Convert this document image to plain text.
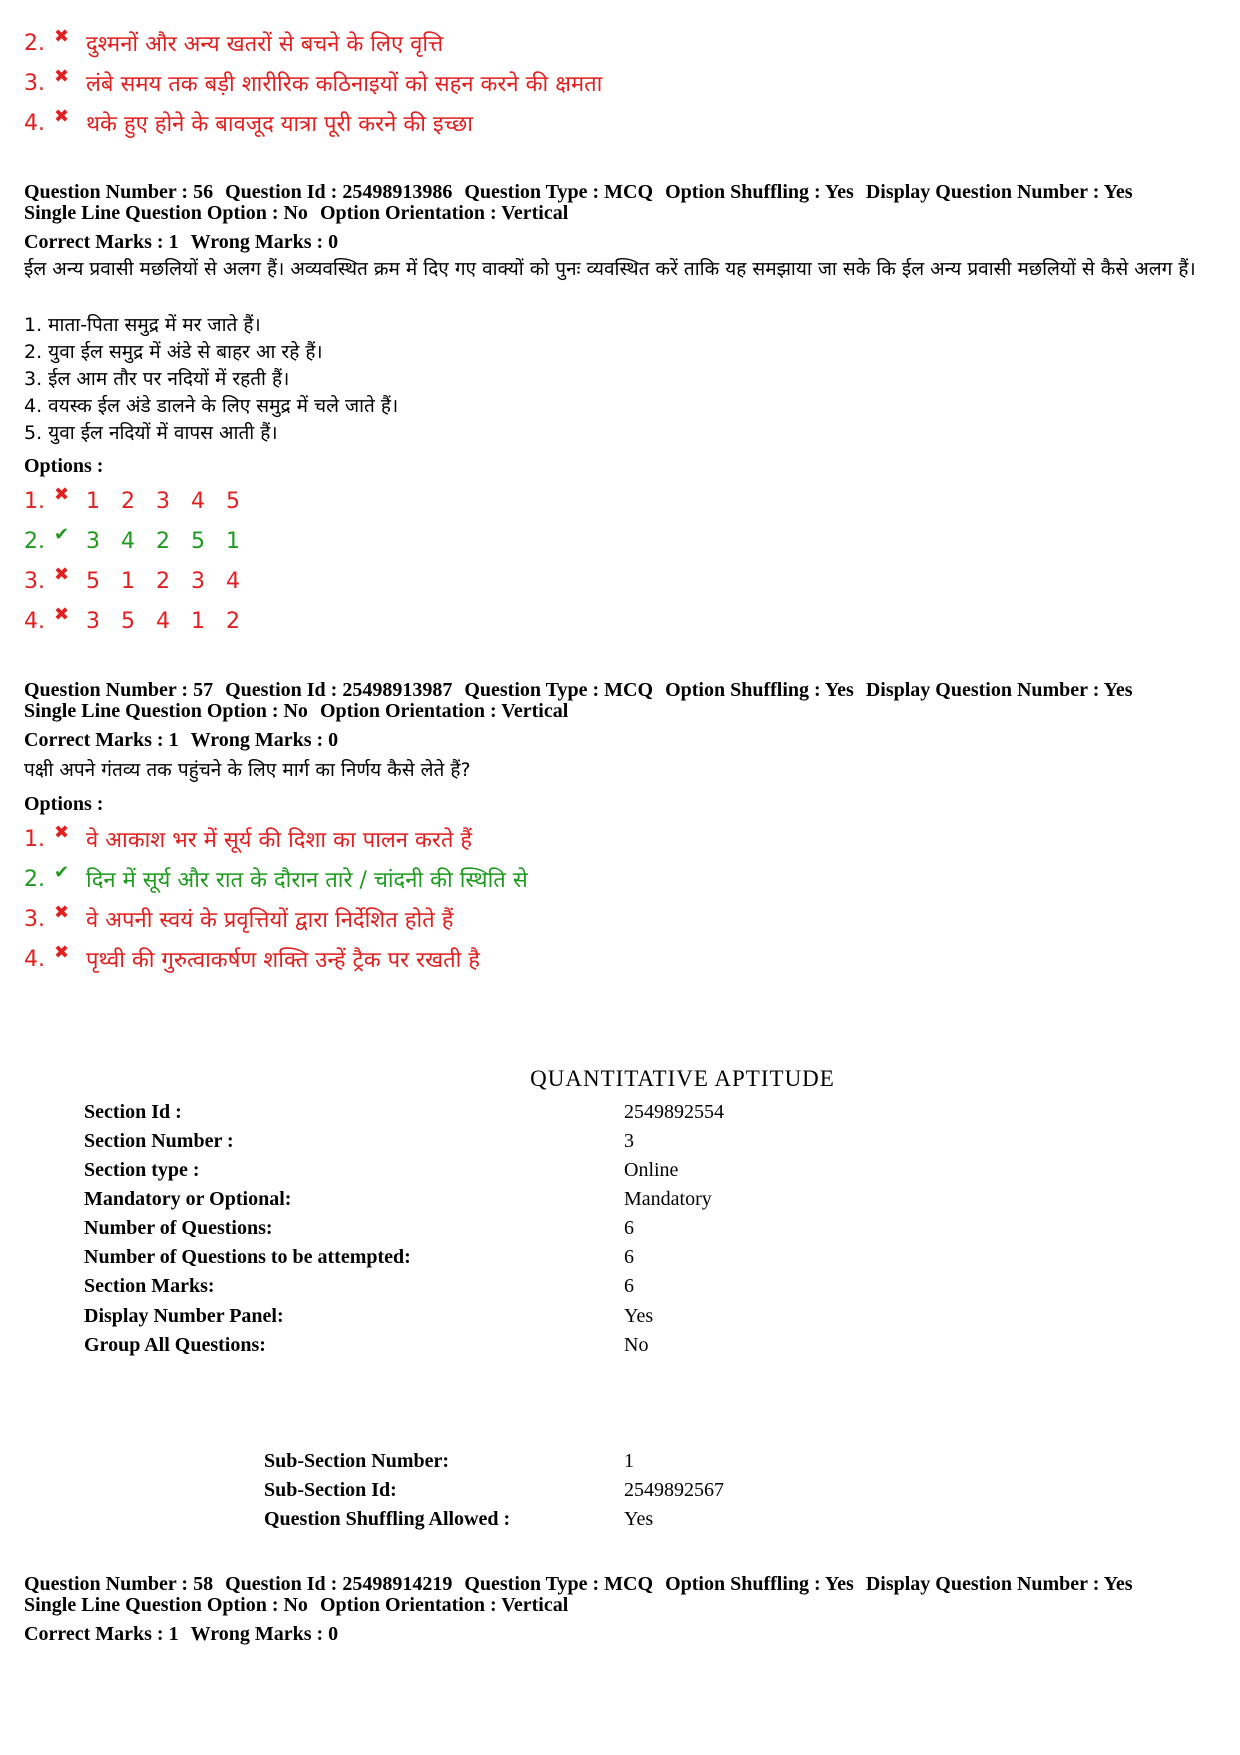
2. ✖ दुश्मनों और अन्य खतरों से बचने के लिए वृत्ति
3. ✖ लंबे समय तक बड़ी शारीरिक कठिनाइयों को सहन करने की क्षमता
4. ✖ थके हुए होने के बावजूद यात्रा पूरी करने की इच्छा
Question Number : 56 Question Id : 25498913986 Question Type : MCQ Option Shuffling : Yes Display Question Number : Yes
Single Line Question Option : No Option Orientation : Vertical
Correct Marks : 1 Wrong Marks : 0
ईल अन्य प्रवासी मछलियों से अलग हैं। अव्यवस्थित क्रम में दिए गए वाक्यों को पुनः व्यवस्थित करें ताकि यह समझाया जा सके कि ईल अन्य प्रवासी मछलियों से कैसे अलग हैं।
1. माता-पिता समुद्र में मर जाते हैं।
2. युवा ईल समुद्र में अंडे से बाहर आ रहे हैं।
3. ईल आम तौर पर नदियों में रहती हैं।
4. वयस्क ईल अंडे डालने के लिए समुद्र में चले जाते हैं।
5. युवा ईल नदियों में वापस आती हैं।
Options :
1. ✖ 1 2 3 4 5
2. ✔ 3 4 2 5 1
3. ✖ 5 1 2 3 4
4. ✖ 3 5 4 1 2
Question Number : 57 Question Id : 25498913987 Question Type : MCQ Option Shuffling : Yes Display Question Number : Yes
Single Line Question Option : No Option Orientation : Vertical
Correct Marks : 1 Wrong Marks : 0
पक्षी अपने गंतव्य तक पहुंचने के लिए मार्ग का निर्णय कैसे लेते हैं?
Options :
1. ✖ वे आकाश भर में सूर्य की दिशा का पालन करते हैं
2. ✔ दिन में सूर्य और रात के दौरान तारे / चांदनी की स्थिति से
3. ✖ वे अपनी स्वयं के प्रवृत्तियों द्वारा निर्देशित होते हैं
4. ✖ पृथ्वी की गुरुत्वाकर्षण शक्ति उन्हें ट्रैक पर रखती है
QUANTITATIVE APTITUDE
Section Id :	2549892554
Section Number :	3
Section type :	Online
Mandatory or Optional:	Mandatory
Number of Questions:	6
Number of Questions to be attempted:	6
Section Marks:	6
Display Number Panel:	Yes
Group All Questions:	No
Sub-Section Number:	1
Sub-Section Id:	2549892567
Question Shuffling Allowed :	Yes
Question Number : 58 Question Id : 25498914219 Question Type : MCQ Option Shuffling : Yes Display Question Number : Yes
Single Line Question Option : No Option Orientation : Vertical
Correct Marks : 1 Wrong Marks : 0
